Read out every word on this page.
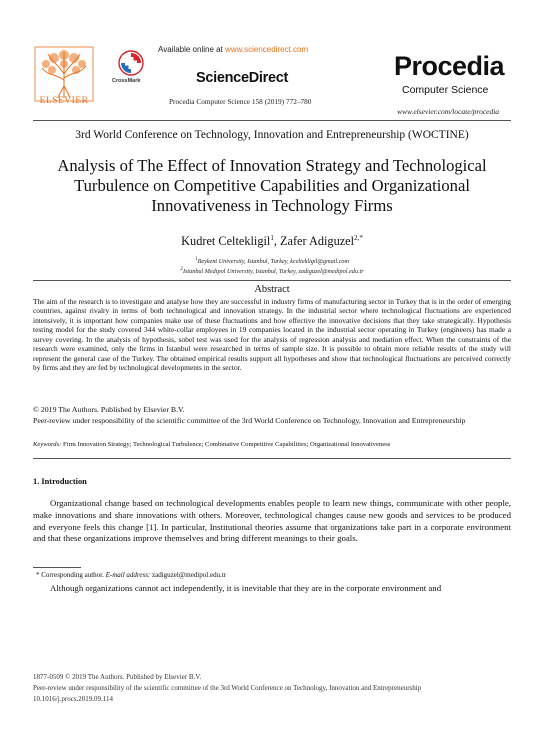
ELSEVIER
Available online at www.sciencedirect.com
CrossMark	ScienceDirect
Procedia Computer Science 158 (2019) 772–780
Procedia
Computer Science
www.elsevier.com/locate/procedia
3rd World Conference on Technology, Innovation and Entrepreneurship (WOCTINE)
Analysis of The Effect of Innovation Strategy and Technological
Turbulence on Competitive Capabilities and Organizational
Innovativeness in Technology Firms
Kudret Celtekligil$^1$, Zafer Adiguzel$^{2,*}$
$^1$Beykent University, Istanbul, Turkey, kceltekligil@gmail.com
$^2$Istanbul Medipol University, Istanbul, Turkey, zadiguzel@medipol.edu.tr
Abstract
The aim of the research is to investigate and analyse how they are successful in industry firms of manufacturing sector in Turkey that is in the order of emerging countries, against rivalry in terms of both technological and innovation strategy. In the industrial sector where technological fluctuations are experienced intensively, it is important how companies make use of these fluctuations and how effective the innovative decisions that they take strategically. Hypothesis testing model for the study covered 344 white-collar employees in 19 companies located in the industrial sector operating in Turkey (engineers) has made a survey covering. In the analysis of hypothesis, sobel test was used for the analysis of regression analysis and mediation effect. When the constraints of the research were examined, only the firms in Istanbul were researched in terms of sample size. It is possible to obtain more reliable results of the study will represent the general case of the Turkey. The obtained empirical results support all hypotheses and show that technological fluctuations are perceived correctly by firms and they are fed by technological developments in the sector.
© 2019 The Authors. Published by Elsevier B.V.
Peer-review under responsibility of the scientific committee of the 3rd World Conference on Technology, Innovation and Entrepreneurship
Keywords: Firm Innovation Strategy; Technological Turbulence; Combinative Competitive Capabilities; Organizational Innovativeness
1. Introduction
Organizational change based on technological developments enables people to learn new things, communicate with other people, make innovations and share innovations with others. Moreover, technological changes cause new goods and services to be produced and everyone feels this change [1]. In particular, Institutional theories assume that organizations take part in a corporate environment and that these organizations improve themselves and bring different meanings to their goals.
* Corresponding author. E-mail address: zadiguzel@medipol.edu.tr
Although organizations cannot act independently, it is inevitable that they are in the corporate environment and
1877-0509 © 2019 The Authors. Published by Elsevier B.V.
Peer-review under responsibility of the scientific committee of the 3rd World Conference on Technology, Innovation and Entrepreneurship
10.1016/j.procs.2019.09.114
